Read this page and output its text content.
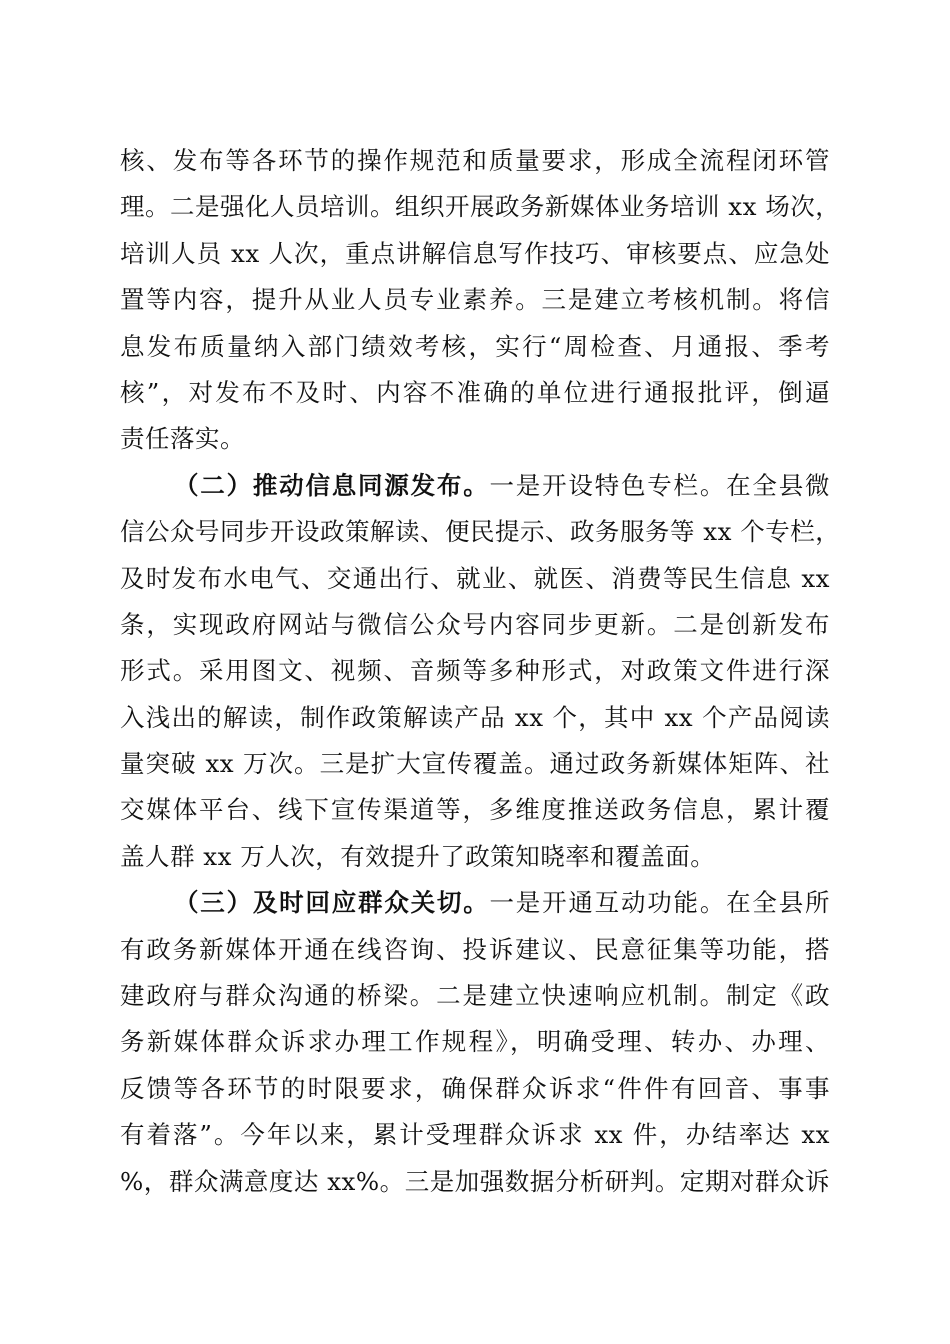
核、发布等各环节的操作规范和质量要求，形成全流程闭环管
理。二是强化人员培训。组织开展政务新媒体业务培训 xx 场次，
培训人员 xx 人次，重点讲解信息写作技巧、审核要点、应急处
置等内容，提升从业人员专业素养。三是建立考核机制。将信
息发布质量纳入部门绩效考核，实行“周检查、月通报、季考
核”，对发布不及时、内容不准确的单位进行通报批评，倒逼
责任落实。
（二）推动信息同源发布。一是开设特色专栏。在全县微
信公众号同步开设政策解读、便民提示、政务服务等 xx 个专栏，
及时发布水电气、交通出行、就业、就医、消费等民生信息 xx
条，实现政府网站与微信公众号内容同步更新。二是创新发布
形式。采用图文、视频、音频等多种形式，对政策文件进行深
入浅出的解读，制作政策解读产品 xx 个，其中 xx 个产品阅读
量突破 xx 万次。三是扩大宣传覆盖。通过政务新媒体矩阵、社
交媒体平台、线下宣传渠道等，多维度推送政务信息，累计覆
盖人群 xx 万人次，有效提升了政策知晓率和覆盖面。
（三）及时回应群众关切。一是开通互动功能。在全县所
有政务新媒体开通在线咨询、投诉建议、民意征集等功能，搭
建政府与群众沟通的桥梁。二是建立快速响应机制。制定《政
务新媒体群众诉求办理工作规程》，明确受理、转办、办理、
反馈等各环节的时限要求，确保群众诉求“件件有回音、事事
有着落”。今年以来，累计受理群众诉求 xx 件，办结率达 xx
%，群众满意度达 xx%。三是加强数据分析研判。定期对群众诉
